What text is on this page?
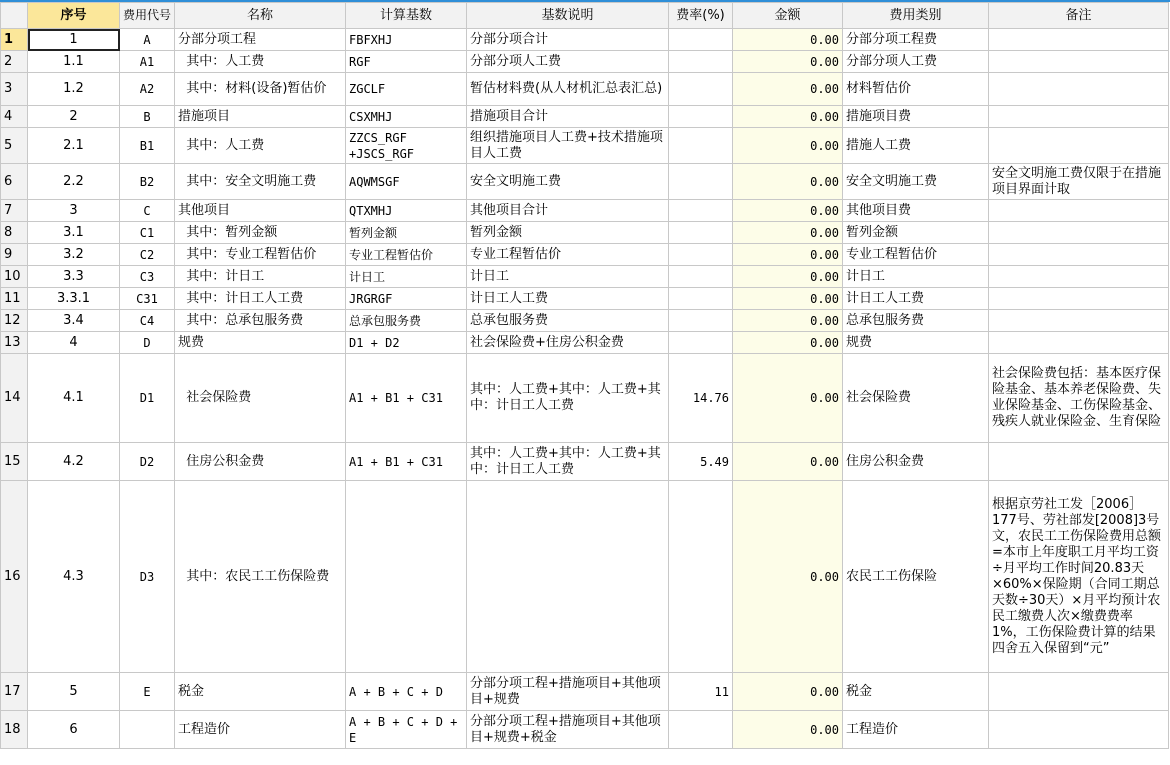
	序号	费用代号	名称	计算基数	基数说明	费率(%)	金额	费用类别	备注
1	1	A	分部分项工程	FBFXHJ	分部分项合计		0.00	分部分项工程费	
2	1.1	A1	其中：人工费	RGF	分部分项人工费		0.00	分部分项人工费	
3	1.2	A2	其中：材料(设备)暂估价	ZGCLF	暂估材料费(从人材机汇总表汇总)		0.00	材料暂估价	
4	2	B	措施项目	CSXMHJ	措施项目合计		0.00	措施项目费	
5	2.1	B1	其中：人工费	ZZCS_RGF +JSCS_RGF	组织措施项目人工费+技术措施项目人工费		0.00	措施人工费	
6	2.2	B2	其中：安全文明施工费	AQWMSGF	安全文明施工费		0.00	安全文明施工费	安全文明施工费仅限于在措施项目界面计取
7	3	C	其他项目	QTXMHJ	其他项目合计		0.00	其他项目费	
8	3.1	C1	其中：暂列金额	暂列金额	暂列金额		0.00	暂列金额	
9	3.2	C2	其中：专业工程暂估价	专业工程暂估价	专业工程暂估价		0.00	专业工程暂估价	
10	3.3	C3	其中：计日工	计日工	计日工		0.00	计日工	
11	3.3.1	C31	其中：计日工人工费	JRGRGF	计日工人工费		0.00	计日工人工费	
12	3.4	C4	其中：总承包服务费	总承包服务费	总承包服务费		0.00	总承包服务费	
13	4	D	规费	D1 + D2	社会保险费+住房公积金费		0.00	规费	
14	4.1	D1	社会保险费	A1 + B1 + C31	其中：人工费+其中：人工费+其中：计日工人工费	14.76	0.00	社会保险费	社会保险费包括：基本医疗保险基金、基本养老保险费、失业保险基金、工伤保险基金、残疾人就业保险金、生育保险
15	4.2	D2	住房公积金费	A1 + B1 + C31	其中：人工费+其中：人工费+其中：计日工人工费	5.49	0.00	住房公积金费	
16	4.3	D3	其中：农民工工伤保险费				0.00	农民工工伤保险	根据京劳社工发［2006］177号、劳社部发[2008]3号文，农民工工伤保险费用总额=本市上年度职工月平均工资÷月平均工作时间20.83天×60%×保险期（合同工期总天数÷30天）×月平均预计农民工缴费人次×缴费费率1%，工伤保险费计算的结果四舍五入保留到“元”
17	5	E	税金	A + B + C + D	分部分项工程+措施项目+其他项目+规费	11	0.00	税金	
18	6		工程造价	A + B + C + D + E	分部分项工程+措施项目+其他项目+规费+税金		0.00	工程造价	
